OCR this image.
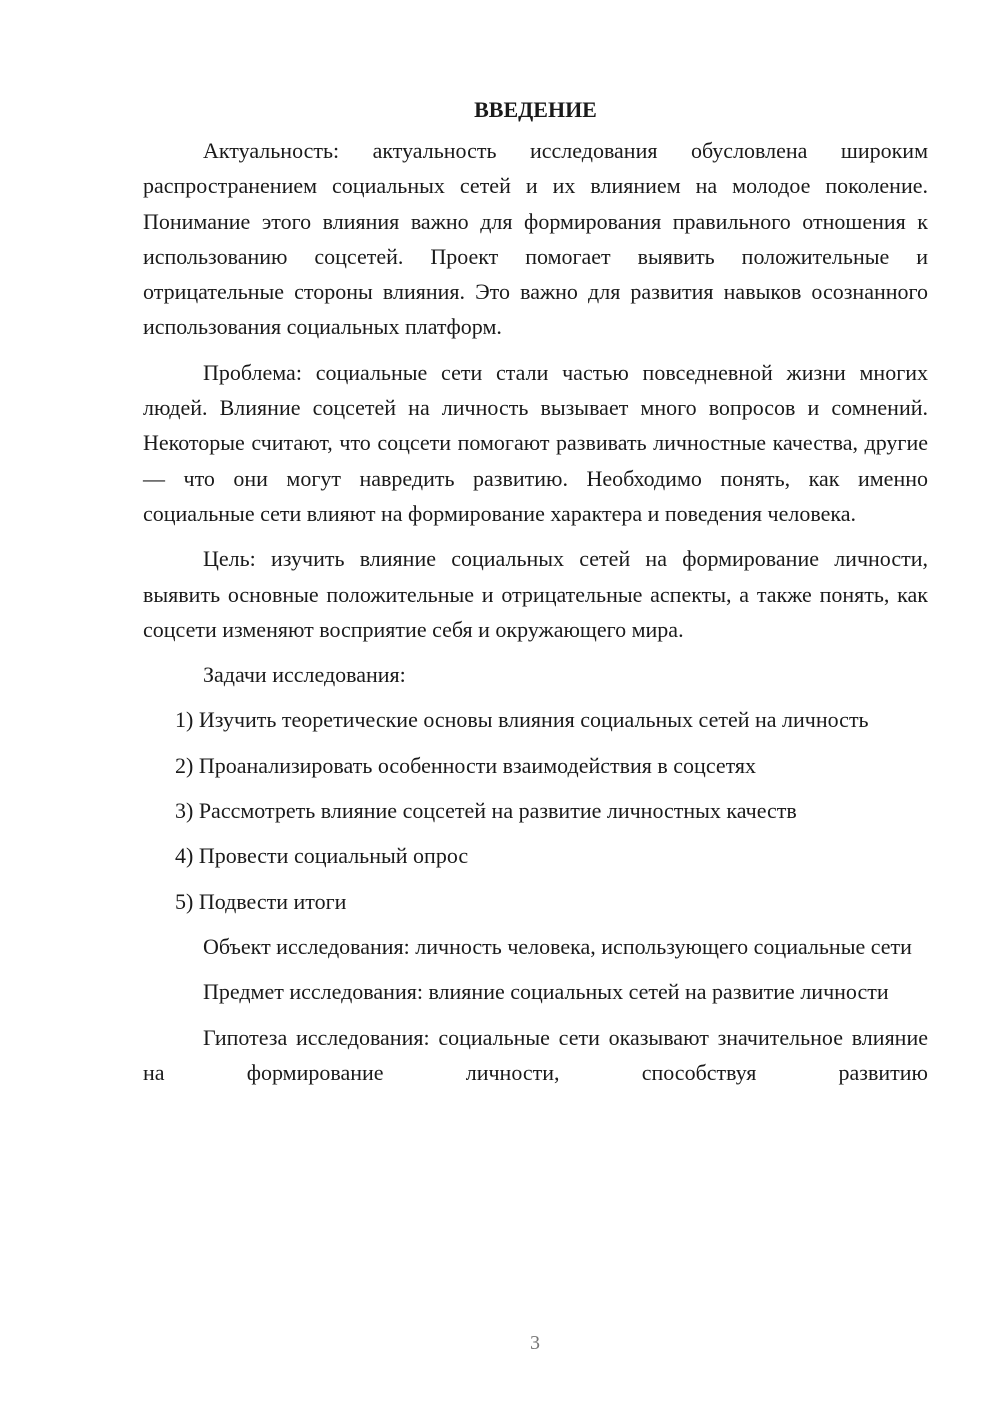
ВВЕДЕНИЕ

Актуальность: актуальность исследования обусловлена широким распространением социальных сетей и их влиянием на молодое поколение. Понимание этого влияния важно для формирования правильного отношения к использованию соцсетей. Проект помогает выявить положительные и отрицательные стороны влияния. Это важно для развития навыков осознанного использования социальных платформ.

Проблема: социальные сети стали частью повседневной жизни многих людей. Влияние соцсетей на личность вызывает много вопросов и сомнений. Некоторые считают, что соцсети помогают развивать личностные качества, другие — что они могут навредить развитию. Необходимо понять, как именно социальные сети влияют на формирование характера и поведения человека.

Цель: изучить влияние социальных сетей на формирование личности, выявить основные положительные и отрицательные аспекты, а также понять, как соцсети изменяют восприятие себя и окружающего мира.

Задачи исследования:

1) Изучить теоретические основы влияния социальных сетей на личность

2) Проанализировать особенности взаимодействия в соцсетях

3) Рассмотреть влияние соцсетей на развитие личностных качеств

4) Провести социальный опрос

5) Подвести итоги

Объект исследования: личность человека, использующего социальные сети

Предмет исследования: влияние социальных сетей на развитие личности

Гипотеза исследования: социальные сети оказывают значительное влияние на формирование личности, способствуя развитию

3
